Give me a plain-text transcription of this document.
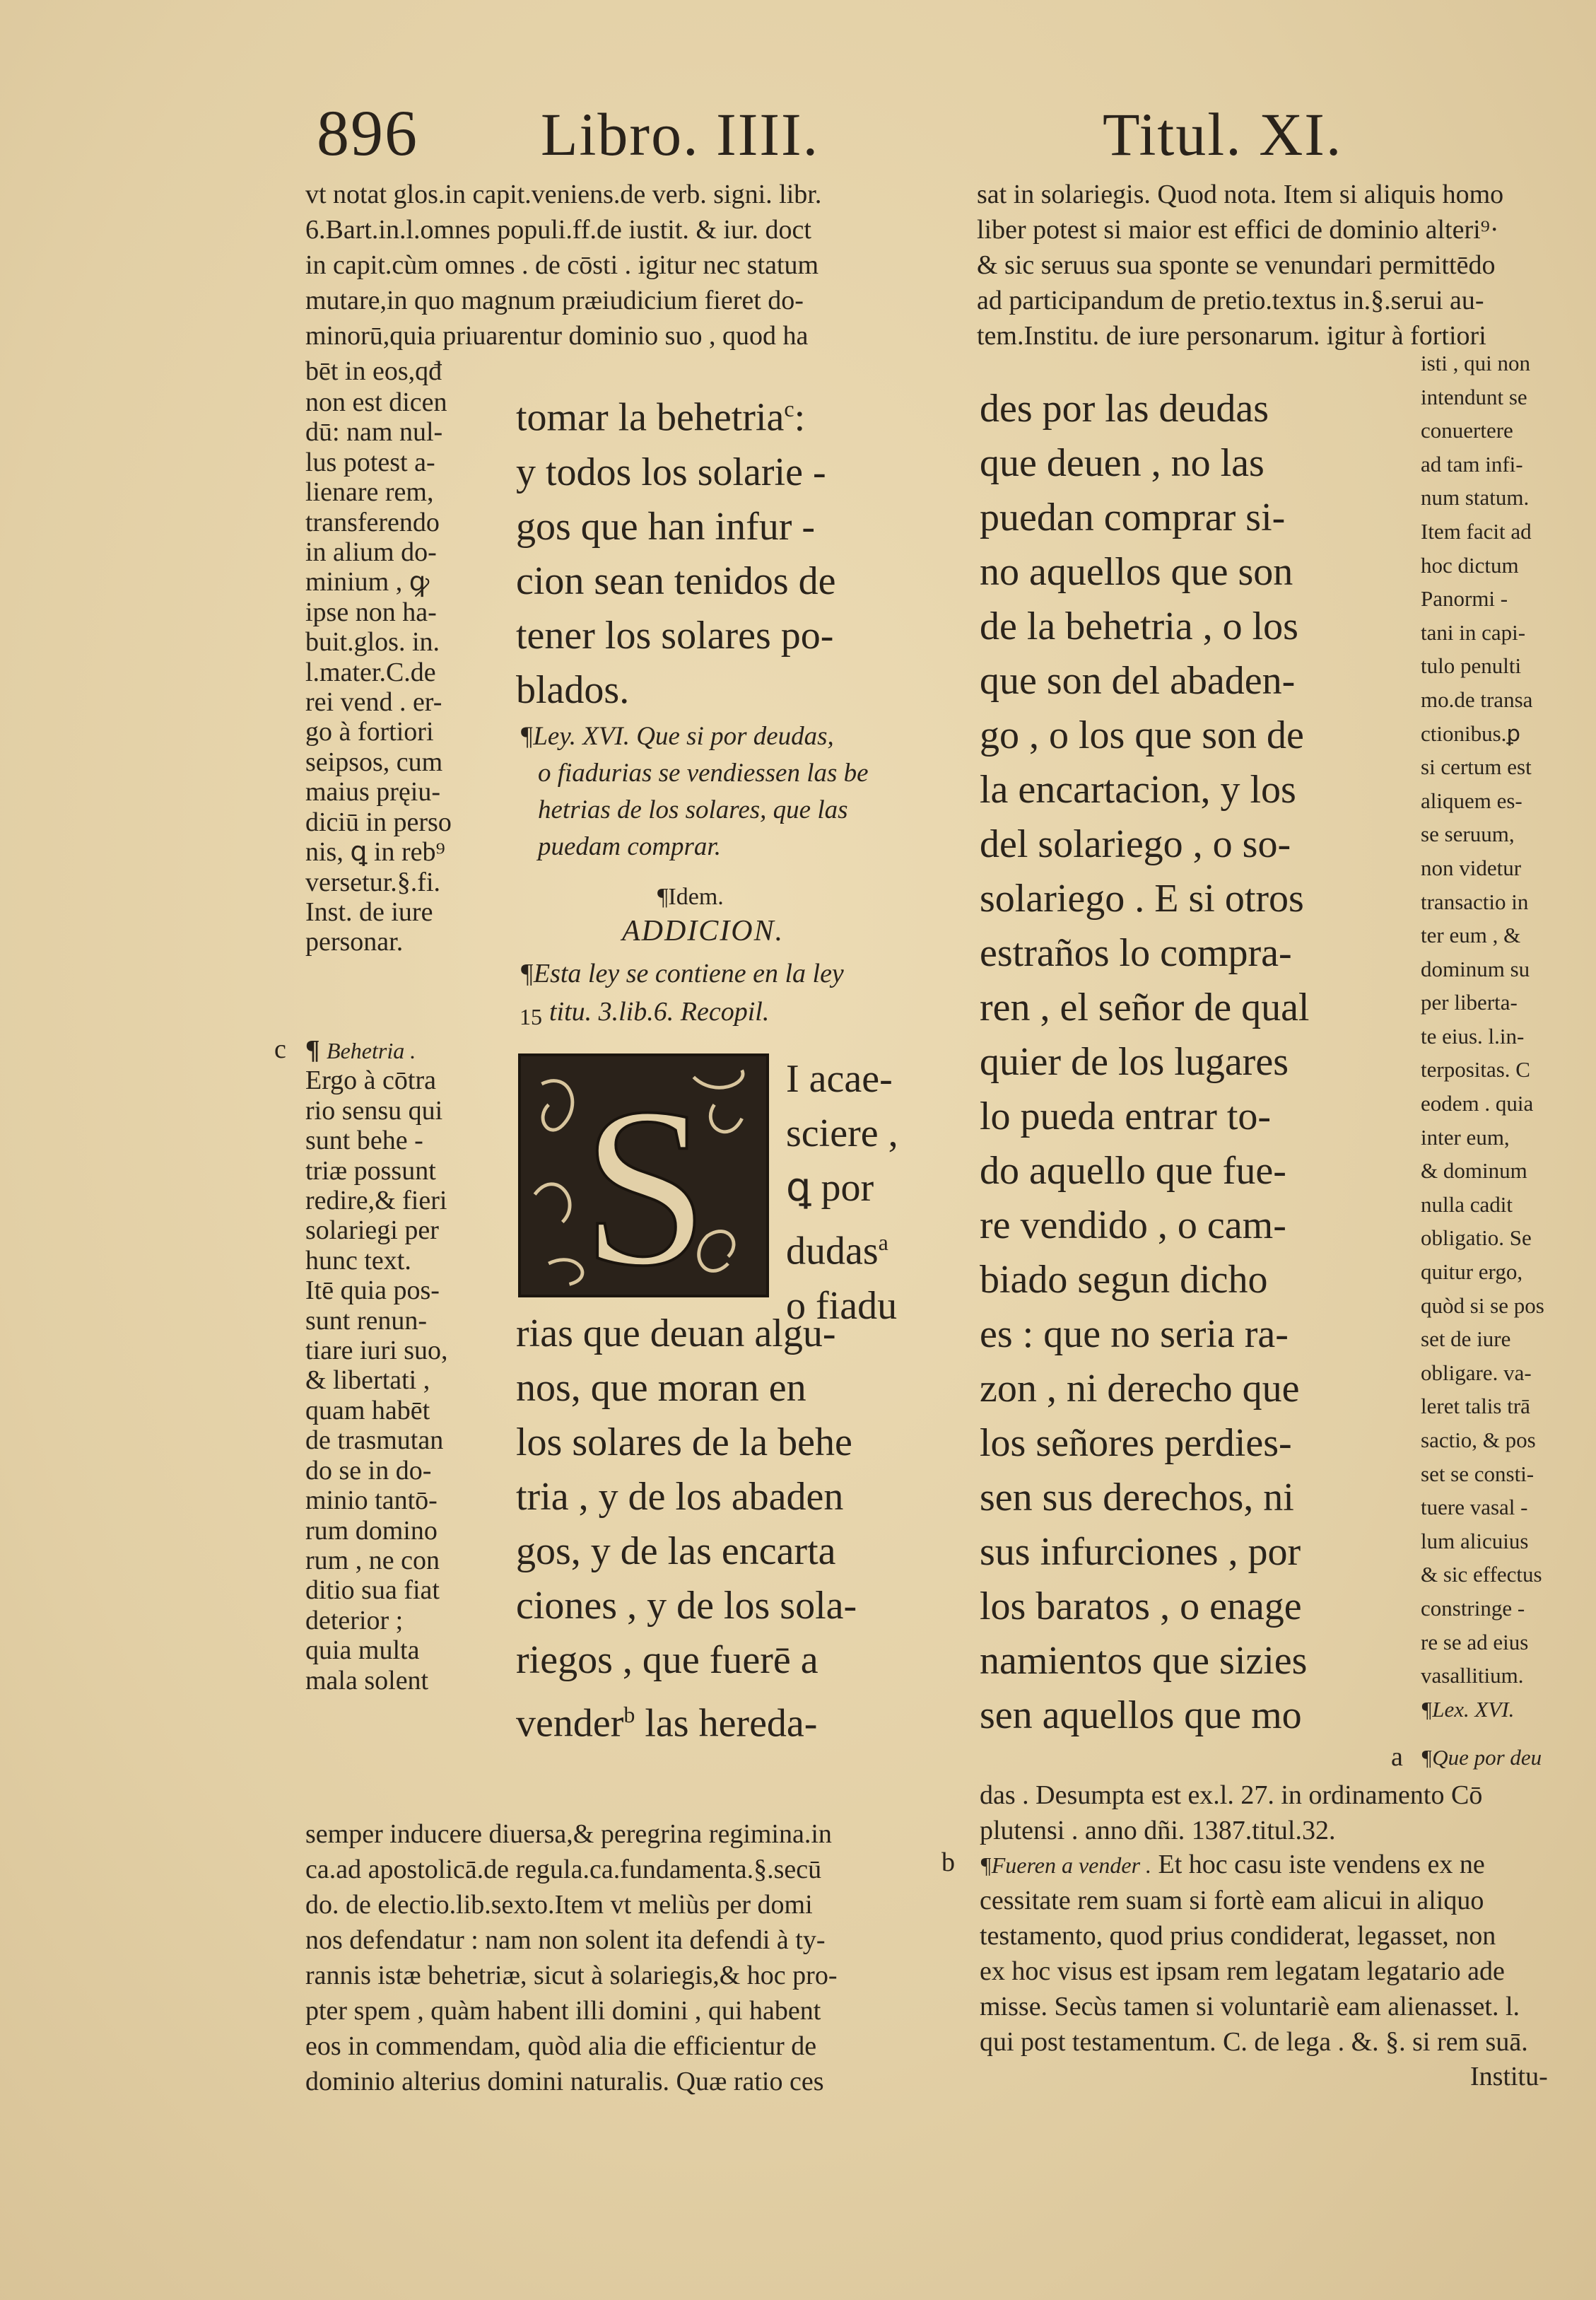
896 Libro. IIII.	Titul. XI.
vt notat glos.in capit.veniens.de verb. signi. libr.
6.Bart.in.l.omnes populi.ff.de iustit. & iur. doct
in capit.cùm omnes . de cōsti . igitur nec statum
mutare,in quo magnum præiudicium fieret do-
minorū,quia priuarentur dominio suo , quod ha
bēt in eos,qđ
non est dicen
dū: nam nul-
lus potest a-
lienare rem,
transferendo
in alium do-
minium , ꝙ
ipse non ha-
buit.glos. in.
l.mater.C.de
rei vend . er-
go à fortiori
seipsos, cum
maius pręiu-
diciū in perso
nis, ꝗ in reb⁹
versetur.§.fi.
Inst. de iure
personar.
c ¶ Behetria .
Ergo à cōtra
rio sensu qui
sunt behe -
triæ possunt
redire,& fieri
solariegi per
hunc text.
Itē quia pos-
sunt renun-
tiare iuri suo,
& libertati ,
quam habēt
de trasmutan
do se in do-
minio tantō-
rum domino
rum , ne con
ditio sua fiat
deterior ;
quia multa
mala solent
semper inducere diuersa,& peregrina regimina.in
ca.ad apostolicā.de regula.ca.fundamenta.§.secū
do. de electio.lib.sexto.Item vt meliùs per domi
nos defendatur : nam non solent ita defendi à ty-
rannis istæ behetriæ, sicut à solariegis,& hoc pro-
pter spem , quàm habent illi domini , qui habent
eos in commendam, quòd alia die efficientur de
dominio alterius domini naturalis. Quæ ratio ces
tomar la behetria$^c$:
y todos los solarie -
gos que han infur -
cion sean tenidos de
tener los solares po-
blados.
¶Ley. XVI. Que si por deudas,
o fiadurias se vendiessen las be
hetrias de los solares, que las
puedam comprar.
¶Idem.
ADDICION.
¶Esta ley se contiene en la ley
titu. 3.lib.6. Recopil.
15
S I acae-
sciere ,
ꝗ por
dudas$^a$
o fiadu
rias que deuan algu-
nos, que moran en
los solares de la behe
tria , y de los abaden
gos, y de las encarta
ciones , y de los sola-
riegos , que fuerē a
vender$^b$ las hereda-
sat in solariegis. Quod nota. Item si aliquis homo
liber potest si maior est effici de dominio alteri⁹·
& sic seruus sua sponte se venundari permittēdo
ad participandum de pretio.textus in.§.serui au-
tem.Institu. de iure personarum. igitur à fortiori
des por las deudas
que deuen , no las
puedan comprar si-
no aquellos que son
de la behetria , o los
que son del abaden-
go , o los que son de
la encartacion, y los
del solariego , o so-
solariego . E si otros
estraños lo compra-
ren , el señor de qual
quier de los lugares
lo pueda entrar to-
do aquello que fue-
re vendido , o cam-
biado segun dicho
es : que no seria ra-
zon , ni derecho que
los señores perdies-
sen sus derechos, ni
sus infurciones , por
los baratos , o enage
namientos que sizies
sen aquellos que mo
isti , qui non
intendunt se
conuertere
ad tam infi-
num statum.
Item facit ad
hoc dictum
Panormi -
tani in capi-
tulo penulti
mo.de transa
ctionibus.ꝑ
si certum est
aliquem es-
se seruum,
non videtur
transactio in
ter eum , &
dominum su
per liberta-
te eius. l.in-
terpositas. C
eodem . quia
inter eum,
& dominum
nulla cadit
obligatio. Se
quitur ergo,
quòd si se pos
set de iure
obligare. va-
leret talis trā
sactio, & pos
set se consti-
tuere vasal -
lum alicuius
& sic effectus
constringe -
re se ad eius
vasallitium.
¶Lex. XVI.
a ¶Que por deu
das . Desumpta est ex.l. 27. in ordinamento Cō
plutensi . anno dñi. 1387.titul.32.
b ¶Fueren a vender . Et hoc casu iste vendens ex ne
cessitate rem suam si fortè eam alicui in aliquo
testamento, quod prius condiderat, legasset, non
ex hoc visus est ipsam rem legatam legatario ade
misse. Secùs tamen si voluntariè eam alienasset. l.
qui post testamentum. C. de lega . &. §. si rem suā.
Institu-
